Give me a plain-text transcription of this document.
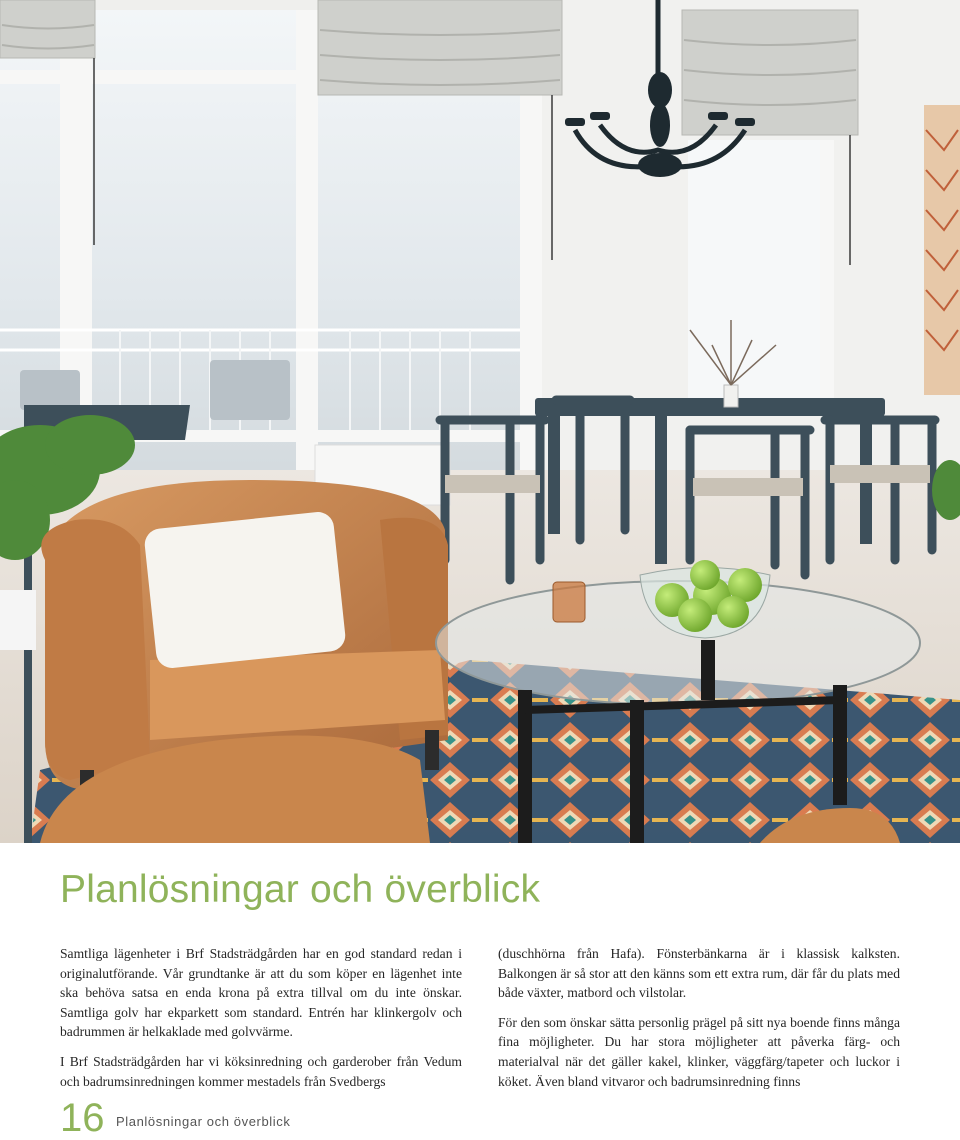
Planlösningar och överblick

Samtliga lägenheter i Brf Stadsträdgården har en god standard redan i originalutförande. Vår grundtanke är att du som köper en lägenhet inte ska behöva satsa en enda krona på extra tillval om du inte önskar. Samtliga golv har ekparkett som standard. Entrén har klinkergolv och badrummen är helkaklade med golvvärme.

I Brf Stadsträdgården har vi köksinredning och garderober från Vedum och badrumsinredningen kommer mestadels från Svedbergs

(duschhörna från Hafa). Fönsterbänkarna är i klassisk kalksten. Balkongen är så stor att den känns som ett extra rum, där får du plats med både växter, matbord och vilstolar.

För den som önskar sätta personlig prägel på sitt nya boende finns många fina möjligheter. Du har stora möjligheter att påverka färg- och materialval när det gäller kakel, klinker, väggfärg/tapeter och luckor i köket. Även bland vitvaror och badrumsinredning finns

16 Planlösningar och överblick
